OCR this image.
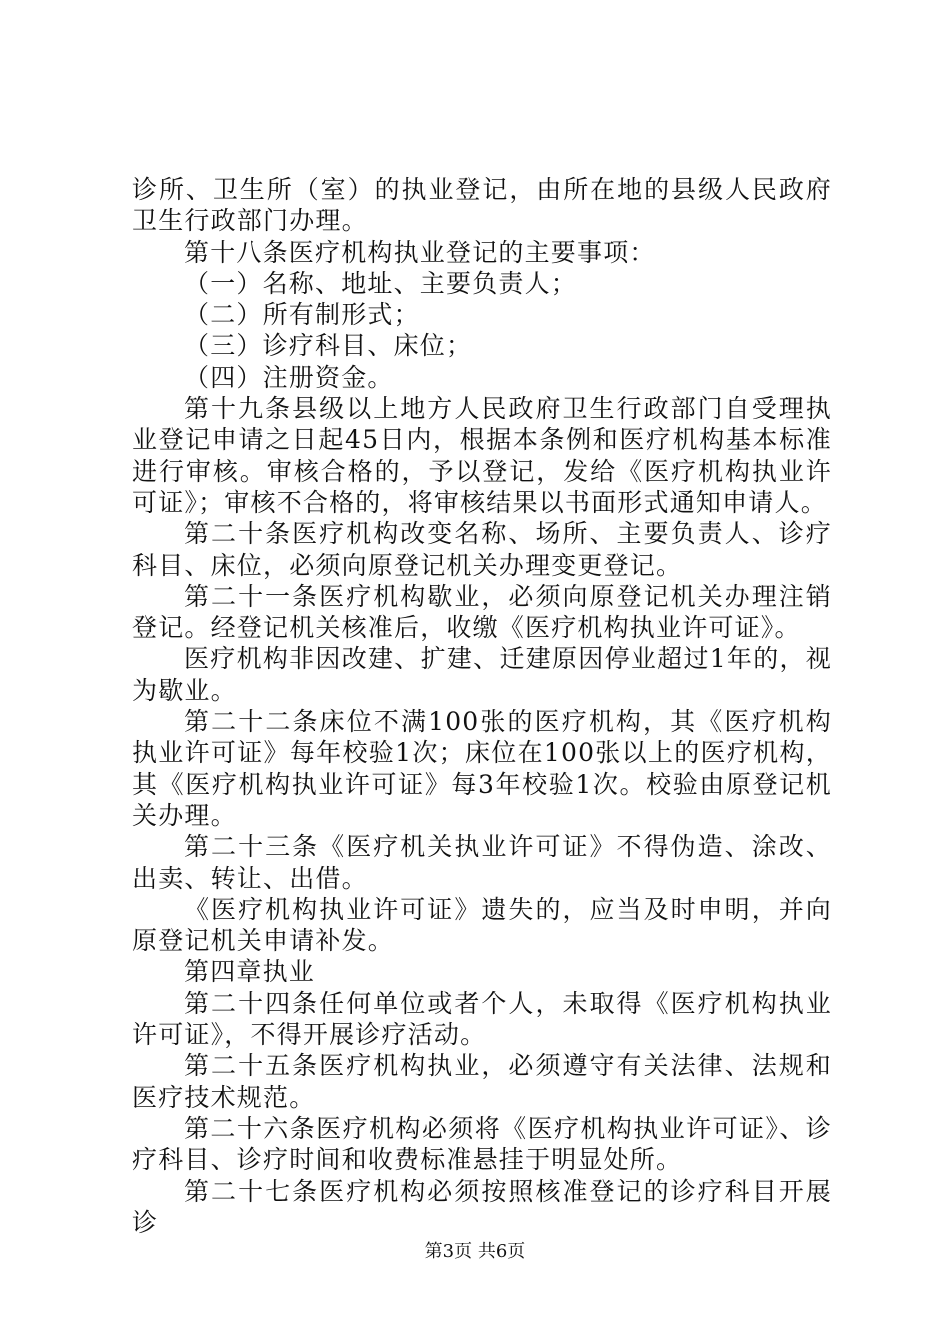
诊所、卫生所（室）的执业登记，由所在地的县级人民政府卫生行政部门办理。

第十八条医疗机构执业登记的主要事项：

（一）名称、地址、主要负责人；

（二）所有制形式；

（三）诊疗科目、床位；

（四）注册资金。

第十九条县级以上地方人民政府卫生行政部门自受理执业登记申请之日起45日内，根据本条例和医疗机构基本标准进行审核。审核合格的，予以登记，发给《医疗机构执业许可证》；审核不合格的，将审核结果以书面形式通知申请人。

第二十条医疗机构改变名称、场所、主要负责人、诊疗科目、床位，必须向原登记机关办理变更登记。

第二十一条医疗机构歇业，必须向原登记机关办理注销登记。经登记机关核准后，收缴《医疗机构执业许可证》。

医疗机构非因改建、扩建、迁建原因停业超过1年的，视为歇业。

第二十二条床位不满100张的医疗机构，其《医疗机构执业许可证》每年校验1次；床位在100张以上的医疗机构，其《医疗机构执业许可证》每3年校验1次。校验由原登记机关办理。

第二十三条《医疗机关执业许可证》不得伪造、涂改、出卖、转让、出借。

《医疗机构执业许可证》遗失的，应当及时申明，并向原登记机关申请补发。

第四章执业

第二十四条任何单位或者个人，未取得《医疗机构执业许可证》，不得开展诊疗活动。

第二十五条医疗机构执业，必须遵守有关法律、法规和医疗技术规范。

第二十六条医疗机构必须将《医疗机构执业许可证》、诊疗科目、诊疗时间和收费标准悬挂于明显处所。

第二十七条医疗机构必须按照核准登记的诊疗科目开展诊

第3页 共6页
